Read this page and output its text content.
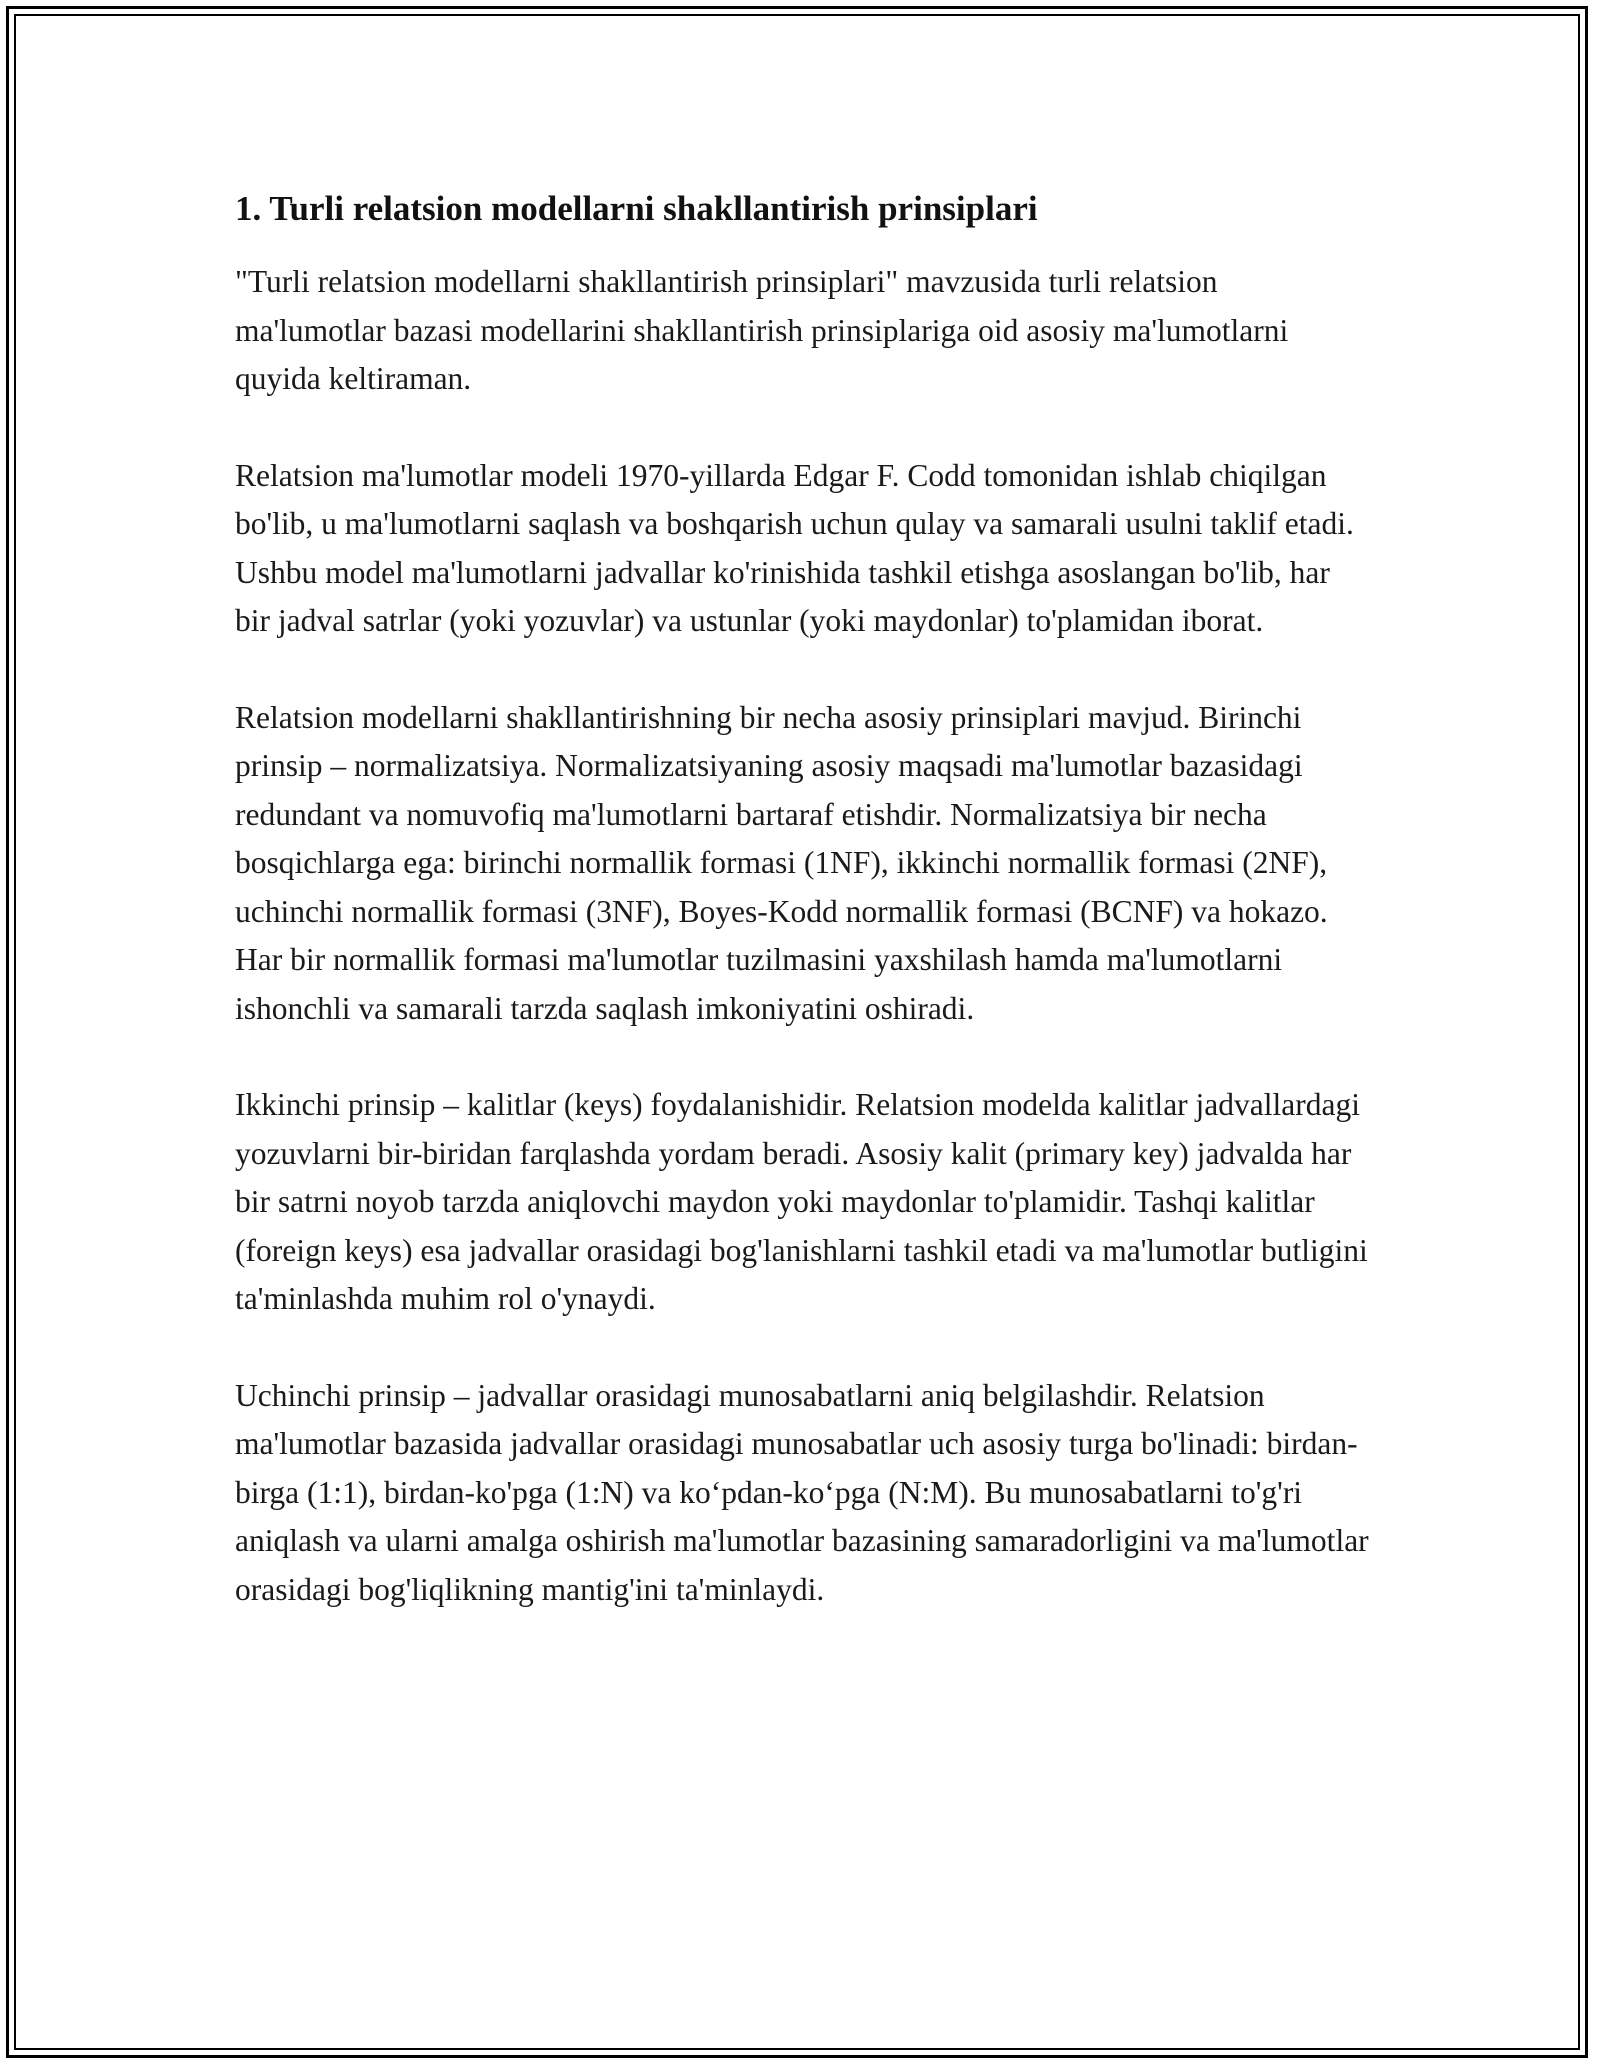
1. Turli relatsion modellarni shakllantirish prinsiplari

"Turli relatsion modellarni shakllantirish prinsiplari" mavzusida turli relatsion ma'lumotlar bazasi modellarini shakllantirish prinsiplariga oid asosiy ma'lumotlarni quyida keltiraman.

Relatsion ma'lumotlar modeli 1970-yillarda Edgar F. Codd tomonidan ishlab chiqilgan bo'lib, u ma'lumotlarni saqlash va boshqarish uchun qulay va samarali usulni taklif etadi. Ushbu model ma'lumotlarni jadvallar ko'rinishida tashkil etishga asoslangan bo'lib, har bir jadval satrlar (yoki yozuvlar) va ustunlar (yoki maydonlar) to'plamidan iborat.

Relatsion modellarni shakllantirishning bir necha asosiy prinsiplari mavjud. Birinchi prinsip – normalizatsiya. Normalizatsiyaning asosiy maqsadi ma'lumotlar bazasidagi redundant va nomuvofiq ma'lumotlarni bartaraf etishdir. Normalizatsiya bir necha bosqichlarga ega: birinchi normallik formasi (1NF), ikkinchi normallik formasi (2NF), uchinchi normallik formasi (3NF), Boyes-Kodd normallik formasi (BCNF) va hokazo. Har bir normallik formasi ma'lumotlar tuzilmasini yaxshilash hamda ma'lumotlarni ishonchli va samarali tarzda saqlash imkoniyatini oshiradi.

Ikkinchi prinsip – kalitlar (keys) foydalanishidir. Relatsion modelda kalitlar jadvallardagi yozuvlarni bir-biridan farqlashda yordam beradi. Asosiy kalit (primary key) jadvalda har bir satrni noyob tarzda aniqlovchi maydon yoki maydonlar to'plamidir. Tashqi kalitlar (foreign keys) esa jadvallar orasidagi bog'lanishlarni tashkil etadi va ma'lumotlar butligini ta'minlashda muhim rol o'ynaydi.

Uchinchi prinsip – jadvallar orasidagi munosabatlarni aniq belgilashdir. Relatsion ma'lumotlar bazasida jadvallar orasidagi munosabatlar uch asosiy turga bo'linadi: birdan-birga (1:1), birdan-ko'pga (1:N) va ko‘pdan-ko‘pga (N:M). Bu munosabatlarni to'g'ri aniqlash va ularni amalga oshirish ma'lumotlar bazasining samaradorligini va ma'lumotlar orasidagi bog'liqlikning mantig'ini ta'minlaydi.
